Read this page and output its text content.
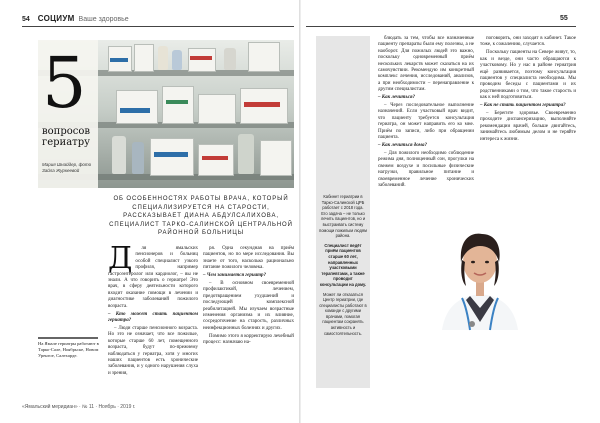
54 СОЦИУМ Ваше здоровье	55
5
вопросов гериатру
Мария Шнайдер, фото Зайла Журкеевой
ОБ ОСОБЕННОСТЯХ РАБОТЫ ВРАЧА, КОТОРЫЙ СПЕЦИАЛИЗИРУЕТСЯ НА СТАРОСТИ, РАССКАЗЫВАЕТ ДИАНА АБДУЛСАЛИХОВА, СПЕЦИАЛИСТ ТАРКО-САЛИНСКОЙ ЦЕНТРАЛЬНОЙ РАЙОННОЙ БОЛЬНИЦЫ
Д	ля ямальских пенсионеров и больниц особой специалист узкого профиля, например гастроэнтеролог или кардиолог, – вы не знали. А что говорить о гериатре! Это врач, в сферу деятельности которого входит оказание помощи в лечении и диагностике заболеваний пожилого возраста.

– Кто может стать пациентом гериатра?

– Люди старше пенсионного возраста. Но это не означает, что все пожилые, которые старше 60 лет, помещенного возраста, будут по-прежнему наблюдаться у гериатра, хотя у многих наших пациентов есть хронические заболевания, и у одного нарушения слуха и зрения,

На Ямале гериатры работают в Тарко-Сале, Ноябрьске, Новом Уренгое, Салехарде.

ря. Одна секундная на приём пациентов, но по мере исследования. Вы знаете от того, насколько рационально питание пожилого человека.

– Чем занимается гериатр?

– В основном своевременной профилактикой, лечением, предотвращением ухудшений и последующей комплексной реабилитацией. Мы изучаем возрастные изменения организма и их влияние, сосредоточение на старость, различных неинфекционных болезнях и других.

Помимо этого я корректирую лечебный процесс: назначаю на-

Кабинет гериатрии в Тарко-Салинской ЦРБ работает с 2018 года. Его задача – не только лечить пациентов, но и выстраивать систему помощи пожилым людям района.

Специалист ведёт приём пациентов старше 60 лет, направленных участковыми терапевтами, а также проводит консультации на дому.

Может ли отказаться Центр гериатрии, где специалисты работают в команде с другими врачами, помогая пациентам сохранять активность и самостоятельность.

блюдать за тем, чтобы все назначенные пациенту препараты были ему полезны, а не наоборот. Для пожилых людей это важно, поскольку одновременный приём нескольких лекарств может сказаться на их самочувствии. Рекомендую им конкретный комплекс лечения, исследований, анализов, а при необходимости – перенаправление к другим специалистам.

– Как лечиться?

– Через последовательное выполнение назначений. Если участковый врач видит, что пациенту требуется консультация гериатра, он может направить его ко мне. Приём по записи, либо при обращении пациента.

– Как лечиться дома?

– Для пожилого необходимо соблюдение режима дня, полноценный сон, прогулки на свежем воздухе и посильные физические нагрузки, правильное питание и своевременное лечение хронических заболеваний.

поговорить, они заходят в кабинет. Такое тоже, к сожалению, случается.

Поскольку пациенты на Севере живут, то, как и везде, они часто обращаются к участковому. Но у нас в районе гериатрия ещё развивается, поэтому консультация пациентов у специалиста необходима. Мы проводим беседы с пациентами и их родственниками о том, что такое старость и как к ней подготовиться.

– Как не стать пациентом гериатра?

– Берегите здоровье. Своевременно проходите диспансеризацию, выполняйте рекомендации врачей, больше двигайтесь, занимайтесь любимым делом и не теряйте интереса к жизни.

«Ямальский меридиан» · № 11 · Ноябрь · 2019 г.
